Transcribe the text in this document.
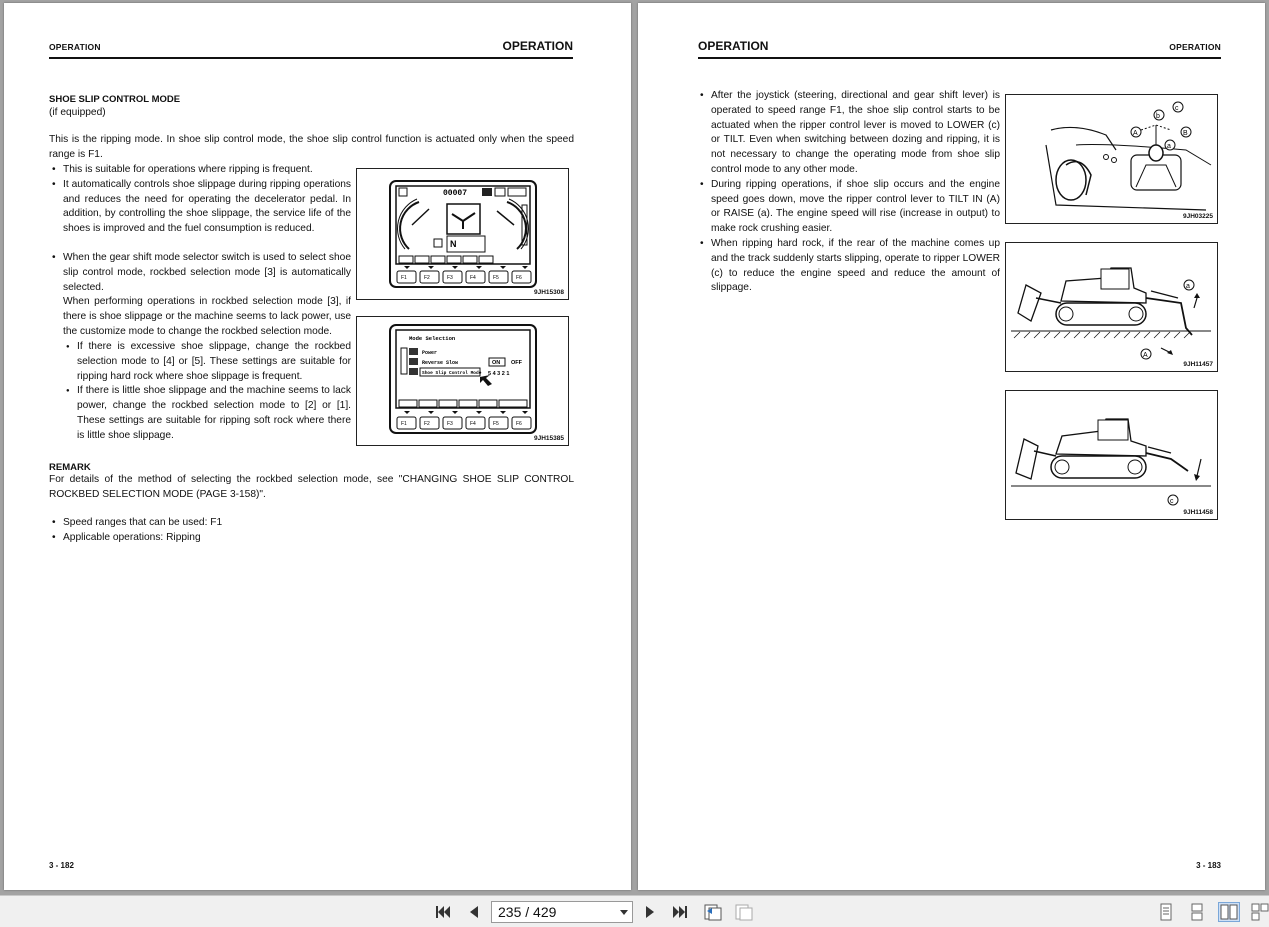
OPERATION	OPERATION
SHOE SLIP CONTROL MODE
(if equipped)
This is the ripping mode. In shoe slip control mode, the shoe slip control function is actuated only when the speed range is F1.
• This is suitable for operations where ripping is frequent.
• It automatically controls shoe slippage during ripping operations and reduces the need for operating the decelerator pedal. In addition, by controlling the shoe slippage, the service life of the shoes is improved and the fuel consumption is reduced.
• When the gear shift mode selector switch is used to select shoe slip control mode, rockbed selection mode [3] is automatically selected.
When performing operations in rockbed selection mode [3], if there is shoe slippage or the machine seems to lack power, use the customize mode to change the rockbed selection mode.
● If there is excessive shoe slippage, change the rockbed selection mode to [4] or [5]. These settings are suitable for ripping hard rock where shoe slippage is frequent.
● If there is little shoe slippage and the machine seems to lack power, change the rockbed selection mode to [2] or [1]. These settings are suitable for ripping soft rock where there is little shoe slippage.
00007
N
F1	F2	F3	F4	F5	F6
9JH15308
Mode Selection
Power
Reverse Slow
Shoe Slip Control Mode
ON OFF
5 4 3 2 1
F1	F2	F3	F4	F5	F6
9JH15385
REMARK
For details of the method of selecting the rockbed selection mode, see "CHANGING SHOE SLIP CONTROL ROCKBED SELECTION MODE (PAGE 3-158)".
• Speed ranges that can be used: F1
• Applicable operations: Ripping
3 - 182
OPERATION	OPERATION
• After the joystick (steering, directional and gear shift lever) is operated to speed range F1, the shoe slip control starts to be actuated when the ripper control lever is moved to LOWER (c) or TILT. Even when switching between dozing and ripping, it is not necessary to change the operating mode from shoe slip control mode to any other mode.
• During ripping operations, if shoe slip occurs and the engine speed goes down, move the ripper control lever to TILT IN (A) or RAISE (a). The engine speed will rise (increase in output) to make rock crushing easier.
• When ripping hard rock, if the rear of the machine comes up and the track suddenly starts slipping, operate to ripper LOWER (c) to reduce the engine speed and reduce the amount of slippage.
A	B
b
c
a
9JH03225
a
A
9JH11457
c
9JH11458
3 - 183
235 / 429
